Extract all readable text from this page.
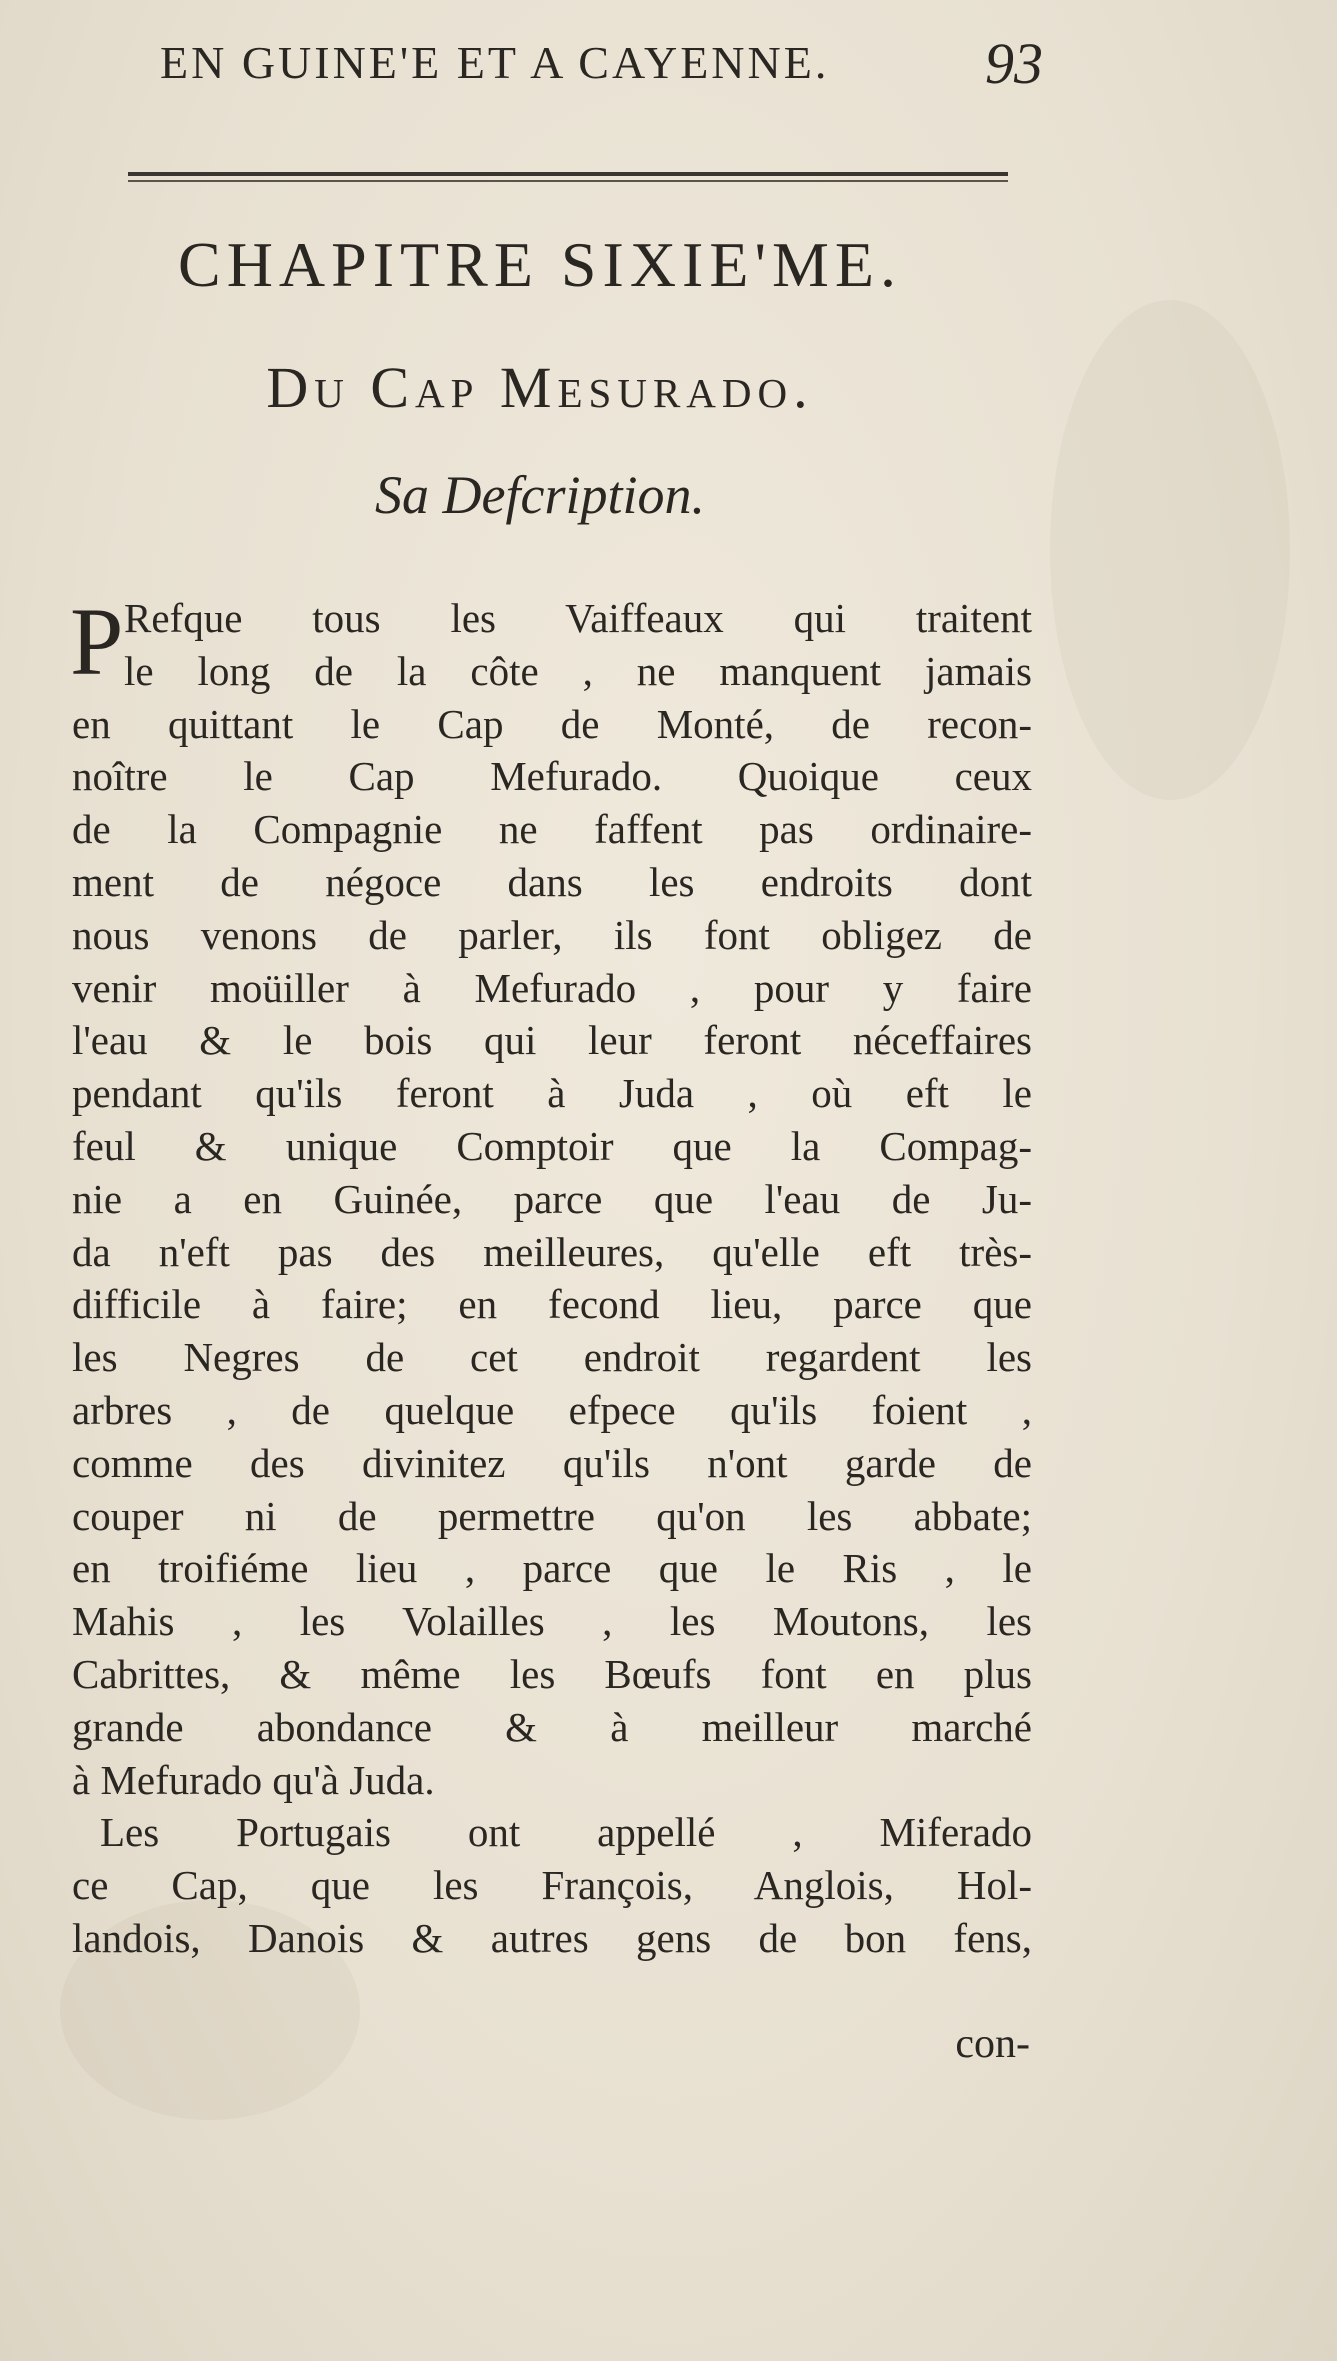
EN GUINE'E ET A CAYENNE.	93
CHAPITRE SIXIE'ME.
Du Cap Mesurado.
Sa Defcription.
P Refque tous les Vaiffeaux qui traitent
le long de la côte , ne manquent jamais
en quittant le Cap de Monté, de recon-
noître le Cap Mefurado. Quoique ceux
de la Compagnie ne faffent pas ordinaire-
ment de négoce dans les endroits dont
nous venons de parler, ils font obligez de
venir moüiller à Mefurado , pour y faire
l'eau & le bois qui leur feront néceffaires
pendant qu'ils feront à Juda , où eft le
feul & unique Comptoir que la Compag-
nie a en Guinée, parce que l'eau de Ju-
da n'eft pas des meilleures, qu'elle eft très-
difficile à faire; en fecond lieu, parce que
les Negres de cet endroit regardent les
arbres , de quelque efpece qu'ils foient ,
comme des divinitez qu'ils n'ont garde de
couper ni de permettre qu'on les abbate;
en troifiéme lieu , parce que le Ris , le
Mahis , les Volailles , les Moutons, les
Cabrittes, & même les Bœufs font en plus
grande abondance & à meilleur marché
à Mefurado qu'à Juda.
Les Portugais ont appellé , Miferado
ce Cap, que les François, Anglois, Hol-
landois, Danois & autres gens de bon fens,
con-
